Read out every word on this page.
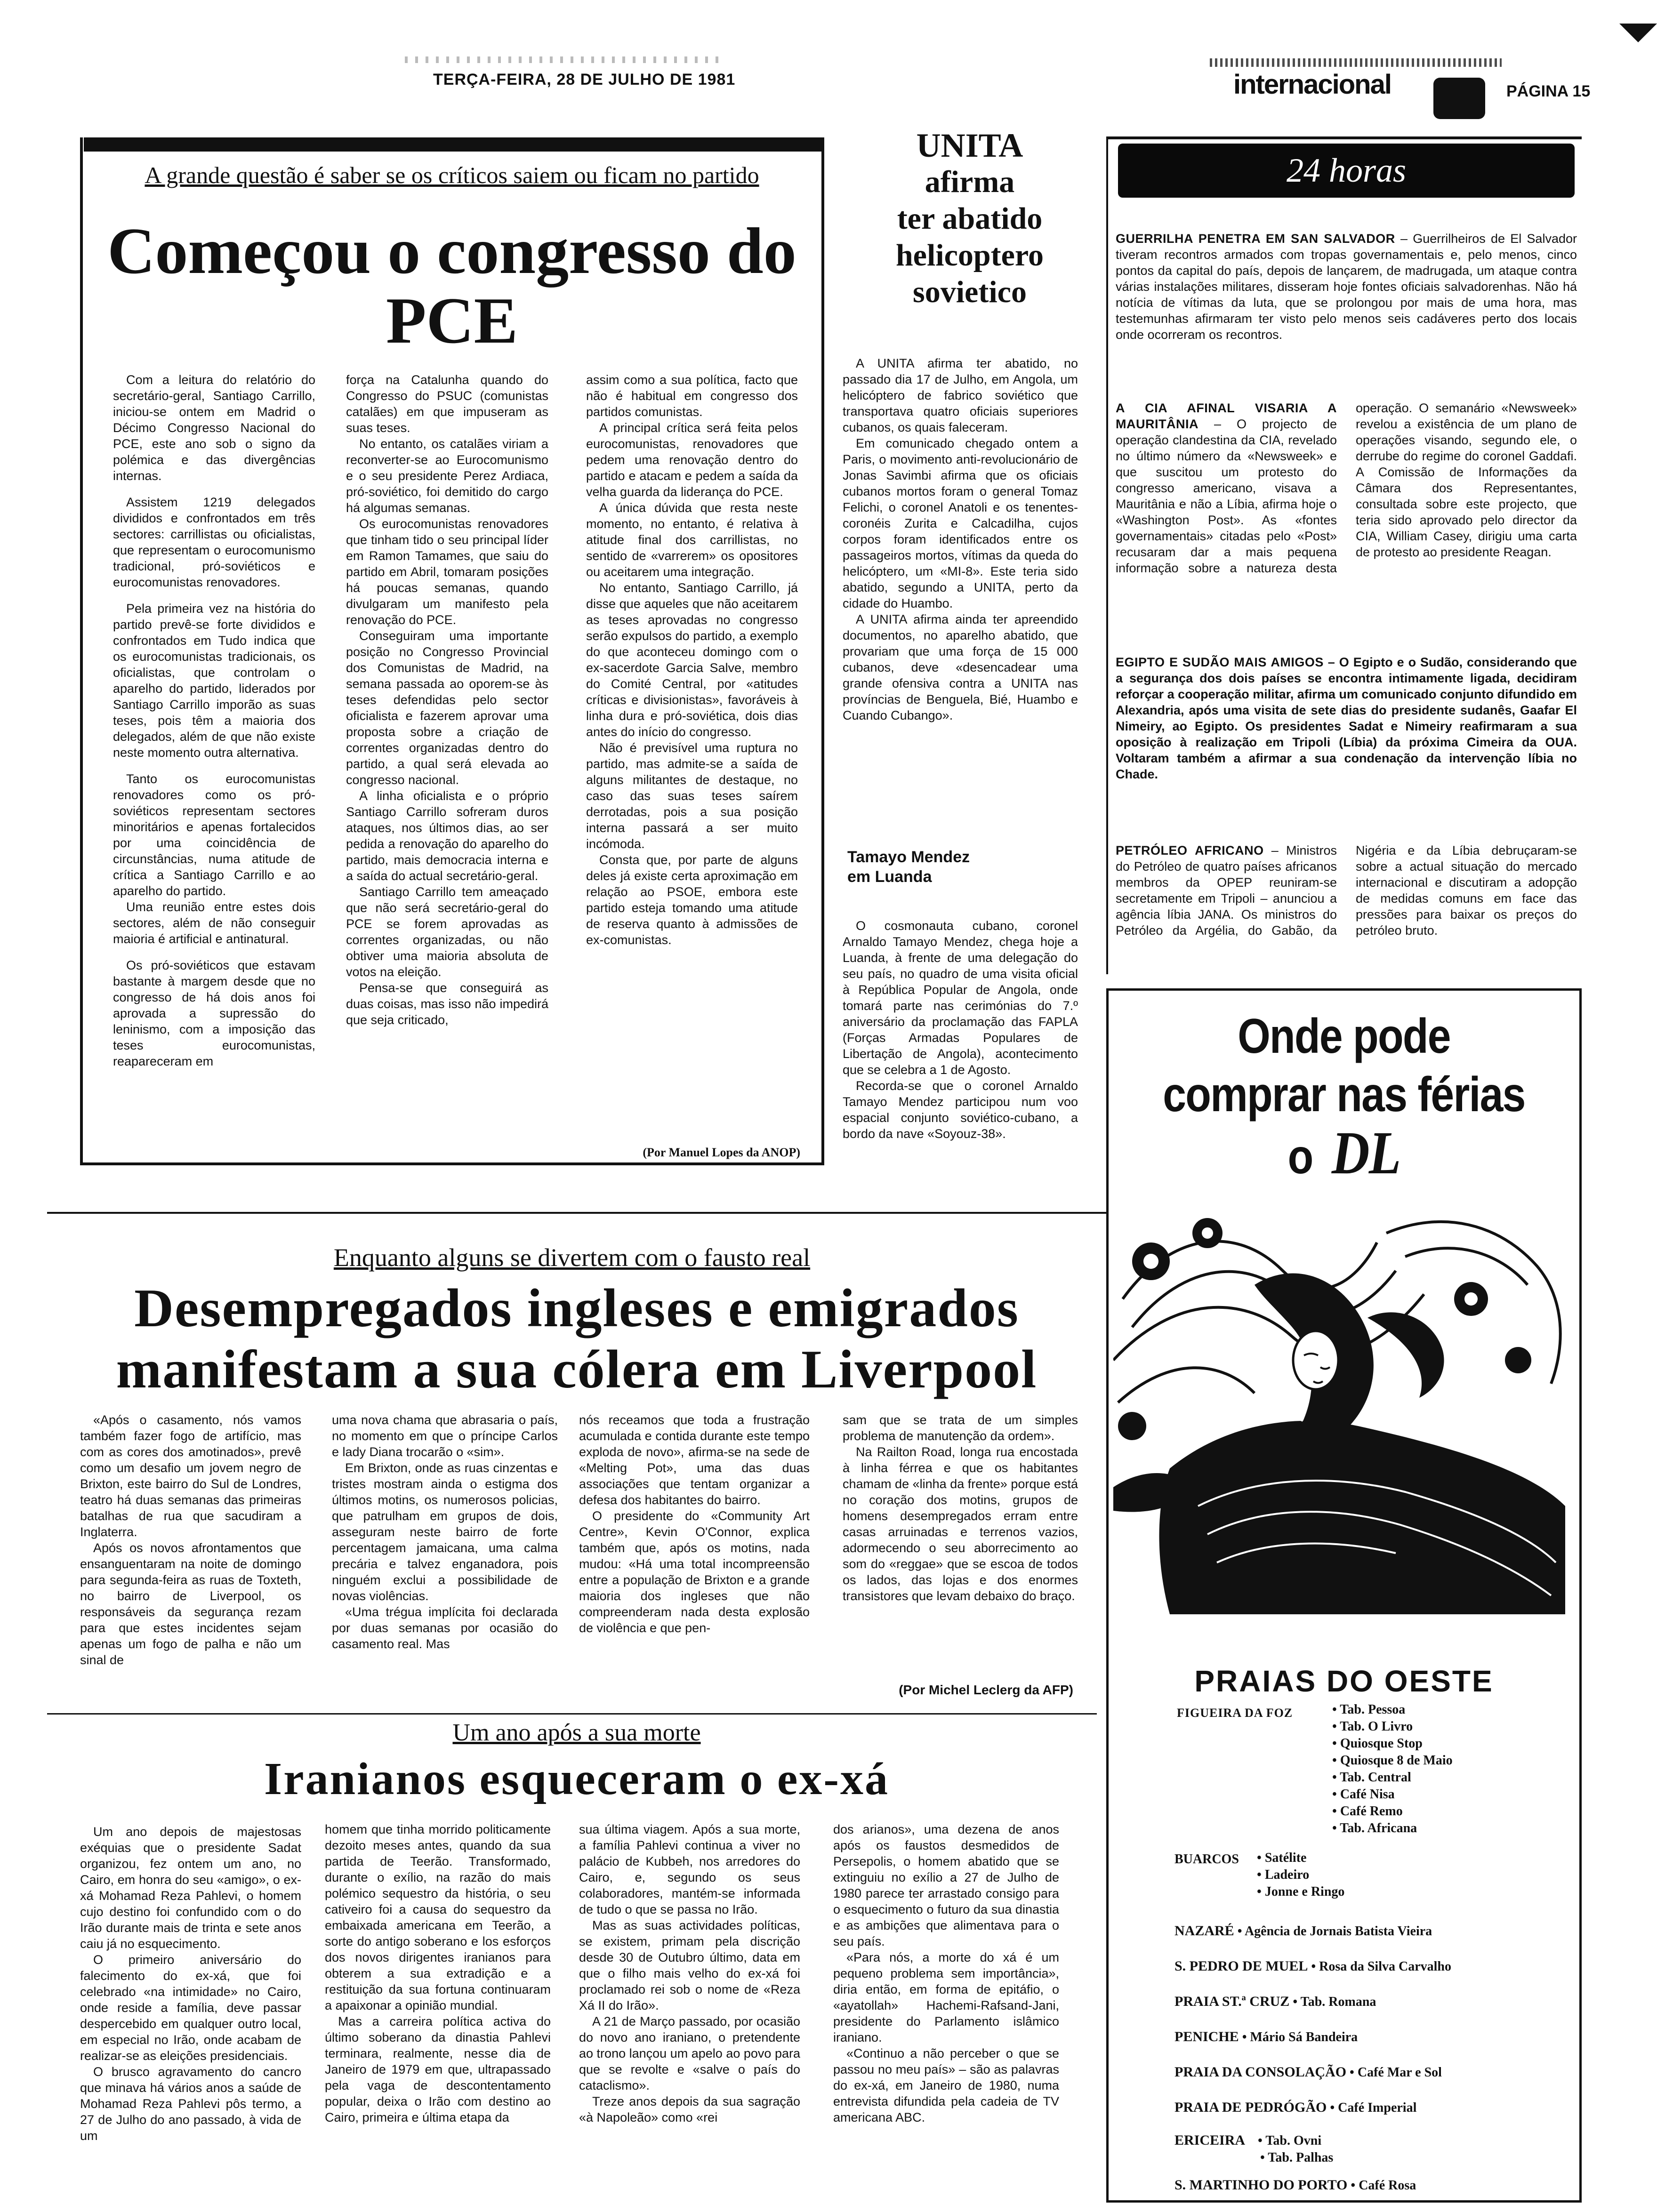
TERÇA-FEIRA, 28 DE JULHO DE 1981	internacional	PÁGINA 15
A grande questão é saber se os críticos saiem ou ficam no partido
Começou o congresso do PCE

Com a leitura do relatório do secretário-geral, Santiago Carrillo, iniciou-se ontem em Madrid o Décimo Congresso Nacional do PCE, este ano sob o signo da polémica e das divergências internas.

Assistem 1219 delegados divididos e confrontados em três sectores: carrillistas ou oficialistas, que representam o eurocomunismo tradicional, pró-soviéticos e eurocomunistas renovadores.

Pela primeira vez na história do partido prevê-se forte divididos e confrontados em Tudo indica que os eurocomunistas tradicionais, os oficialistas, que controlam o aparelho do partido, liderados por Santiago Carrillo imporão as suas teses, pois têm a maioria dos delegados, além de que não existe neste momento outra alternativa.

Tanto os eurocomunistas renovadores como os pró-soviéticos representam sectores minoritários e apenas fortalecidos por uma coincidência de circunstâncias, numa atitude de crítica a Santiago Carrillo e ao aparelho do partido.

Uma reunião entre estes dois sectores, além de não conseguir maioria é artificial e antinatural.

Os pró-soviéticos que estavam bastante à margem desde que no congresso de há dois anos foi aprovada a supressão do leninismo, com a imposição das teses eurocomunistas, reapareceram em

força na Catalunha quando do Congresso do PSUC (comunistas catalães) em que impuseram as suas teses.

No entanto, os catalães viriam a reconverter-se ao Eurocomunismo e o seu presidente Perez Ardiaca, pró-soviético, foi demitido do cargo há algumas semanas.

Os eurocomunistas renovadores que tinham tido o seu principal líder em Ramon Tamames, que saiu do partido em Abril, tomaram posições há poucas semanas, quando divulgaram um manifesto pela renovação do PCE.

Conseguiram uma importante posição no Congresso Provincial dos Comunistas de Madrid, na semana passada ao oporem-se às teses defendidas pelo sector oficialista e fazerem aprovar uma proposta sobre a criação de correntes organizadas dentro do partido, a qual será elevada ao congresso nacional.

A linha oficialista e o próprio Santiago Carrillo sofreram duros ataques, nos últimos dias, ao ser pedida a renovação do aparelho do partido, mais democracia interna e a saída do actual secretário-geral.

Santiago Carrillo tem ameaçado que não será secretário-geral do PCE se forem aprovadas as correntes organizadas, ou não obtiver uma maioria absoluta de votos na eleição.

Pensa-se que conseguirá as duas coisas, mas isso não impedirá que seja criticado,

assim como a sua política, facto que não é habitual em congresso dos partidos comunistas.

A principal crítica será feita pelos eurocomunistas, renovadores que pedem uma renovação dentro do partido e atacam e pedem a saída da velha guarda da liderança do PCE.

A única dúvida que resta neste momento, no entanto, é relativa à atitude final dos carrillistas, no sentido de «varrerem» os opositores ou aceitarem uma integração.

No entanto, Santiago Carrillo, já disse que aqueles que não aceitarem as teses aprovadas no congresso serão expulsos do partido, a exemplo do que aconteceu domingo com o ex-sacerdote Garcia Salve, membro do Comité Central, por «atitudes críticas e divisionistas», favoráveis à linha dura e pró-soviética, dois dias antes do início do congresso.

Não é previsível uma ruptura no partido, mas admite-se a saída de alguns militantes de destaque, no caso das suas teses saírem derrotadas, pois a sua posição interna passará a ser muito incómoda.

Consta que, por parte de alguns deles já existe certa aproximação em relação ao PSOE, embora este partido esteja tomando uma atitude de reserva quanto à admissões de ex-comunistas.

(Por Manuel Lopes da ANOP)
UNITA
afirma
ter abatido
helicoptero
sovietico

A UNITA afirma ter abatido, no passado dia 17 de Julho, em Angola, um helicóptero de fabrico soviético que transportava quatro oficiais superiores cubanos, os quais faleceram.

Em comunicado chegado ontem a Paris, o movimento anti-revolucionário de Jonas Savimbi afirma que os oficiais cubanos mortos foram o general Tomaz Felichi, o coronel Anatoli e os tenentes-coronéis Zurita e Calcadilha, cujos corpos foram identificados entre os passageiros mortos, vítimas da queda do helicóptero, um «MI-8». Este teria sido abatido, segundo a UNITA, perto da cidade do Huambo.

A UNITA afirma ainda ter apreendido documentos, no aparelho abatido, que provariam que uma força de 15 000 cubanos, deve «desencadear uma grande ofensiva contra a UNITA nas províncias de Benguela, Bié, Huambo e Cuando Cubango».

Tamayo Mendez
em Luanda

O cosmonauta cubano, coronel Arnaldo Tamayo Mendez, chega hoje a Luanda, à frente de uma delegação do seu país, no quadro de uma visita oficial à República Popular de Angola, onde tomará parte nas cerimónias do 7.º aniversário da proclamação das FAPLA (Forças Armadas Populares de Libertação de Angola), acontecimento que se celebra a 1 de Agosto.

Recorda-se que o coronel Arnaldo Tamayo Mendez participou num voo espacial conjunto soviético-cubano, a bordo da nave «Soyouz-38».

24 horas
GUERRILHA PENETRA EM SAN SALVADOR – Guerrilheiros de El Salvador tiveram recontros armados com tropas governamentais e, pelo menos, cinco pontos da capital do país, depois de lançarem, de madrugada, um ataque contra várias instalações militares, disseram hoje fontes oficiais salvadorenhas. Não há notícia de vítimas da luta, que se prolongou por mais de uma hora, mas testemunhas afirmaram ter visto pelo menos seis cadáveres perto dos locais onde ocorreram os recontros.
A CIA AFINAL VISARIA A MAURITÂNIA – O projecto de operação clandestina da CIA, revelado no último número da «Newsweek» e que suscitou um protesto do congresso americano, visava a Mauritânia e não a Líbia, afirma hoje o «Washington Post». As «fontes governamentais» citadas pelo «Post» recusaram dar a mais pequena informação sobre a natureza desta operação. O semanário «Newsweek» revelou a existência de um plano de operações visando, segundo ele, o derrube do regime do coronel Gaddafi. A Comissão de Informações da Câmara dos Representantes, consultada sobre este projecto, que teria sido aprovado pelo director da CIA, William Casey, dirigiu uma carta de protesto ao presidente Reagan.
EGIPTO E SUDÃO MAIS AMIGOS – O Egipto e o Sudão, considerando que a segurança dos dois países se encontra intimamente ligada, decidiram reforçar a cooperação militar, afirma um comunicado conjunto difundido em Alexandria, após uma visita de sete dias do presidente sudanês, Gaafar El Nimeiry, ao Egipto. Os presidentes Sadat e Nimeiry reafirmaram a sua oposição à realização em Tripoli (Líbia) da próxima Cimeira da OUA. Voltaram também a afirmar a sua condenação da intervenção líbia no Chade.
PETRÓLEO AFRICANO – Ministros do Petróleo de quatro países africanos membros da OPEP reuniram-se secretamente em Tripoli – anunciou a agência líbia JANA. Os ministros do Petróleo da Argélia, do Gabão, da Nigéria e da Líbia debruçaram-se sobre a actual situação do mercado internacional e discutiram a adopção de medidas comuns em face das pressões para baixar os preços do petróleo bruto.
Onde pode
comprar nas férias
o DL
PRAIAS DO OESTE
FIGUEIRA DA FOZ	• Tab. Pessoa
• Tab. O Livro
• Quiosque Stop
• Quiosque 8 de Maio
• Tab. Central
• Café Nisa
• Café Remo
• Tab. Africana
BUARCOS • Satélite
• Ladeiro
• Jonne e Ringo
NAZARÉ • Agência de Jornais Batista Vieira
S. PEDRO DE MUEL • Rosa da Silva Carvalho
PRAIA ST.ª CRUZ • Tab. Romana
PENICHE • Mário Sá Bandeira
PRAIA DA CONSOLAÇÃO • Café Mar e Sol
PRAIA DE PEDRÓGÃO • Café Imperial
ERICEIRA • Tab. Ovni
• Tab. Palhas
S. MARTINHO DO PORTO • Café Rosa
Enquanto alguns se divertem com o fausto real
Desempregados ingleses e emigrados
manifestam a sua cólera em Liverpool

«Após o casamento, nós vamos também fazer fogo de artifício, mas com as cores dos amotinados», prevê como um desafio um jovem negro de Brixton, este bairro do Sul de Londres, teatro há duas semanas das primeiras batalhas de rua que sacudiram a Inglaterra.

Após os novos afrontamentos que ensanguentaram na noite de domingo para segunda-feira as ruas de Toxteth, no bairro de Liverpool, os responsáveis da segurança rezam para que estes incidentes sejam apenas um fogo de palha e não um sinal de

uma nova chama que abrasaria o país, no momento em que o príncipe Carlos e lady Diana trocarão o «sim».

Em Brixton, onde as ruas cinzentas e tristes mostram ainda o estigma dos últimos motins, os numerosos policias, que patrulham em grupos de dois, asseguram neste bairro de forte percentagem jamaicana, uma calma precária e talvez enganadora, pois ninguém exclui a possibilidade de novas violências.

«Uma trégua implícita foi declarada por duas semanas por ocasião do casamento real. Mas

nós receamos que toda a frustração acumulada e contida durante este tempo exploda de novo», afirma-se na sede de «Melting Pot», uma das duas associações que tentam organizar a defesa dos habitantes do bairro.

O presidente do «Community Art Centre», Kevin O'Connor, explica também que, após os motins, nada mudou: «Há uma total incompreensão entre a população de Brixton e a grande maioria dos ingleses que não compreenderam nada desta explosão de violência e que pen-

sam que se trata de um simples problema de manutenção da ordem».

Na Railton Road, longa rua encostada à linha férrea e que os habitantes chamam de «linha da frente» porque está no coração dos motins, grupos de homens desempregados erram entre casas arruinadas e terrenos vazios, adormecendo o seu aborrecimento ao som do «reggae» que se escoa de todos os lados, das lojas e dos enormes transistores que levam debaixo do braço.

(Por Michel Leclerg da AFP)
Um ano após a sua morte
Iranianos esqueceram o ex-xá

Um ano depois de majestosas exéquias que o presidente Sadat organizou, fez ontem um ano, no Cairo, em honra do seu «amigo», o ex-xá Mohamad Reza Pahlevi, o homem cujo destino foi confundido com o do Irão durante mais de trinta e sete anos caiu já no esquecimento.

O primeiro aniversário do falecimento do ex-xá, que foi celebrado «na intimidade» no Cairo, onde reside a família, deve passar despercebido em qualquer outro local, em especial no Irão, onde acabam de realizar-se as eleições presidenciais.

O brusco agravamento do cancro que minava há vários anos a saúde de Mohamad Reza Pahlevi pôs termo, a 27 de Julho do ano passado, à vida de um

homem que tinha morrido politicamente dezoito meses antes, quando da sua partida de Teerão. Transformado, durante o exílio, na razão do mais polémico sequestro da história, o seu cativeiro foi a causa do sequestro da embaixada americana em Teerão, a sorte do antigo soberano e los esforços dos novos dirigentes iranianos para obterem a sua extradição e a restituição da sua fortuna continuaram a apaixonar a opinião mundial.

Mas a carreira política activa do último soberano da dinastia Pahlevi terminara, realmente, nesse dia de Janeiro de 1979 em que, ultrapassado pela vaga de descontentamento popular, deixa o Irão com destino ao Cairo, primeira e última etapa da

sua última viagem. Após a sua morte, a família Pahlevi continua a viver no palácio de Kubbeh, nos arredores do Cairo, e, segundo os seus colaboradores, mantém-se informada de tudo o que se passa no Irão.

Mas as suas actividades políticas, se existem, primam pela discrição desde 30 de Outubro último, data em que o filho mais velho do ex-xá foi proclamado rei sob o nome de «Reza Xá II do Irão».

A 21 de Março passado, por ocasião do novo ano iraniano, o pretendente ao trono lançou um apelo ao povo para que se revolte e «salve o país do cataclismo».

Treze anos depois da sua sagração «à Napoleão» como «rei

dos arianos», uma dezena de anos após os faustos desmedidos de Persepolis, o homem abatido que se extinguiu no exílio a 27 de Julho de 1980 parece ter arrastado consigo para o esquecimento o futuro da sua dinastia e as ambições que alimentava para o seu país.

«Para nós, a morte do xá é um pequeno problema sem importância», diria então, em forma de epitáfio, o «ayatollah» Hachemi-Rafsand-Jani, presidente do Parlamento islâmico iraniano.

«Continuo a não perceber o que se passou no meu país» – são as palavras do ex-xá, em Janeiro de 1980, numa entrevista difundida pela cadeia de TV americana ABC.
